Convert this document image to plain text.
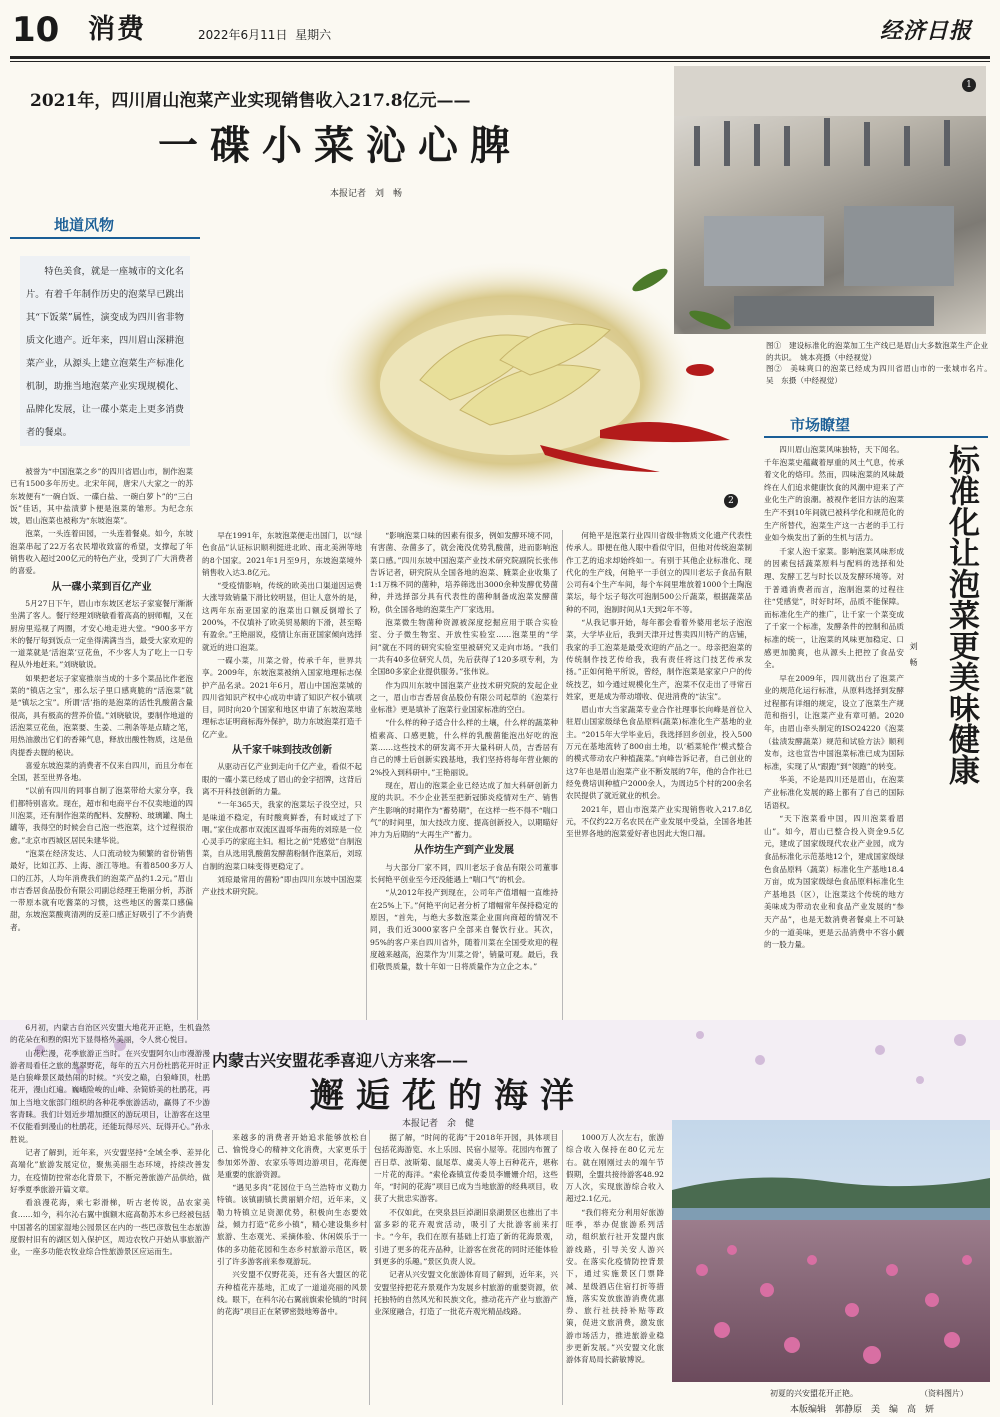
10 消费	2022年6月11日 星期六	经济日报
2021年，四川眉山泡菜产业实现销售收入217.8亿元——
一碟小菜沁心脾
本报记者　刘　畅
1
图①　建设标准化的泡菜加工生产线已是眉山大多数泡菜生产企业的共识。　姚本亮摄（中经视觉）
图②　美味爽口的泡菜已经成为四川省眉山市的一张城市名片。　吴　东摄（中经视觉）
2
地道风物
特色美食，就是一座城市的文化名片。有着千年制作历史的泡菜早已跳出其“下饭菜”属性，演变成为四川省非物质文化遗产。近年来，四川眉山深耕泡菜产业，从源头上建立泡菜生产标准化机制，助推当地泡菜产业实现规模化、品牌化发展，让一碟小菜走上更多消费者的餐桌。

被誉为“中国泡菜之乡”的四川省眉山市，制作泡菜已有1500多年历史。北宋年间，唐宋八大家之一的苏东坡便有“一碗白饭、一碟白盐、一碗白萝卜”的“三白饭”佳话，其中盐渍萝卜便是泡菜的雏形。为纪念东坡，眉山泡菜也被称为“东坡泡菜”。

泡菜，一头连着田园，一头连着餐桌。如今，东坡泡菜串起了22万名农民增收致富的希望，支撑起了年销售收入超过200亿元的特色产业，受到了广大消费者的喜爱。

从一碟小菜到百亿产业

5月27日下午，眉山市东坡区老坛子家宴餐厅渐渐坐满了客人。餐厅经理刘晓敏看着高高的厨师帽，又在厨房里巡视了两圈，才安心地走进大堂。“900多平方米的餐厅每到饭点一定坐得满满当当，最受大家欢迎的一道菜就是‘活泡菜’豆花鱼，不少客人为了吃上一口专程从外地赶来。”刘晓敏说。

如果把老坛子家宴推崇当成的十多个菜品比作老泡菜的“镇店之宝”，那么坛子里口感爽脆的“活泡菜”就是“镇坛之宝”。所谓‘活’指的是泡菜的活性乳酸菌含量很高，具有极高的营养价值。”刘晓敏说，要制作地道的活泡菜豆花鱼，泡菜要、生姜、二荆条等是点睛之笔，用热油激出它们的香辣气息，释放出酸性物质，这是鱼肉提香去腥的秘诀。

喜爱东坡泡菜的消费者不仅来自四川，而且分布在全国，甚至世界各地。

“以前有四川的同事自制了泡菜带给大家分享，我们都特别喜欢。现在，超市和电商平台不仅卖地道的四川泡菜，还有制作泡菜的配料、发酵粉、玻璃罐、陶土罐等，我得空的时候会自己泡一些泡菜，这个过程很治愈。”北京市西城区居民朱建华说。

“泡菜在经济发达、人口流动较为频繁的省份销售最好，比如江苏、上海、浙江等地。有着8500多万人口的江苏，人均年消费我们的泡菜产品约1.2元。”眉山市吉香居食品股份有限公司副总经理王艳丽分析，苏浙一带原本就有吃酱菜的习惯，这些地区的酱菜口感偏甜，东坡泡菜酸爽清冽的反差口感正好吸引了不少消费者。

早在1991年，东坡泡菜便走出国门，以“绿色食品”认证标识顺利挺进北欧、南北美洲等地的8个国家。2021年1月至9月，东坡泡菜境外销售收入达3.8亿元。

“受疫情影响，传统的欧美出口渠道因运费大涨导致销量下滑比较明显，但让人意外的是，这两年东南亚国家的泡菜出口额反倒增长了200%，不仅填补了欧美贸易额的下滑，甚至略有盈余。”王艳丽说，疫情让东南亚国家倾向选择就近的进口泡菜。

一碟小菜，川菜之骨，传承千年，世界共享。2009年，东坡泡菜被纳入国家地理标志保护产品名录。2021年6月，眉山中国泡菜城的四川省知识产权中心成功申请了知识产权小镇项目，同时向20个国家和地区申请了东坡泡菜地理标志证明商标海外保护，助力东坡泡菜打造千亿产业。

从千家千味到技改创新

从驱动百亿产业到走向千亿产业，看似不起眼的一碟小菜已经成了眉山的金字招牌，这背后离不开科技创新的力量。

“一年365天，我家的泡菜坛子没空过，只是味道不稳定，有时酸爽鲜香，有时咸过了下咽。”家住成都市双流区温哥华南苑的刘琼是一位心灵手巧的家庭主妇。相比之前“凭感觉”自制泡菜，自从选用乳酸菌发酵菌粉制作泡菜后，刘琼自制的泡菜口味变得更稳定了。

刘琼最常用的菌粉”即由四川东坡中国泡菜产业技术研究院。

“影响泡菜口味的因素有很多，例如发酵环境不同，有害菌、杂菌多了，就会淹没优势乳酸菌，进而影响泡菜口感。”四川东坡中国泡菜产业技术研究院副院长张伟告诉记者，研究院从全国各地的泡菜、腌菜企业收集了1:1万株不同的菌种，培养筛选出3000余种发酵优势菌种，并选择部分具有代表性的菌种制备成泡菜发酵菌粉，供全国各地的泡菜生产厂家选用。

泡菜微生物菌种资源被深度挖掘应用于联合实验室、分子微生物室、开放性实验室……泡菜里的“学问”就在不同的研究实验室里被研究又走向市场。“我们一共有40多位研究人员，先后获得了120多项专利，为全国80多家企业提供服务。”张伟说。

作为四川东坡中国泡菜产业技术研究院的发起企业之一，眉山市吉香居食品股份有限公司起草的《泡菜行业标准》更是填补了泡菜行业国家标准的空白。

“什么样的种子适合什么样的土壤，什么样的蔬菜种植素高、口感更脆，什么样的乳酸菌能泡出好吃的泡菜……这些技术的研发离不开大量科研人员，吉香居有自己的博士后创新实践基地，我们坚持将每年营业额的2%投入到科研中。”王艳丽说。

现在，眉山的泡菜企业已经达成了加大科研创新力度的共识。不少企业甚至把新冠肺炎疫情对生产、销售产生影响的时期作为“蓄势期”，在这样一些不得不“喘口气”的时间里，加大技改力度、提高创新投入，以期瞄好冲力为后期的“大再生产”蓄力。

从作坊生产到产业发展

与大部分厂家不同，四川老坛子食品有限公司董事长何艳平创业至今还没能遇上“喘口气”的机会。

“从2012年投产到现在，公司年产值增幅一直维持在25%上下。”何艳平向记者分析了增幅常年保持稳定的原因，“首先，与绝大多数泡菜企业面向商超的情况不同，我们近3000家客户全部来自餐饮行业。其次，95%的客户来自四川省外，随着川菜在全国受欢迎的程度越来越高，泡菜作为‘川菜之骨’，销量可观。最后，我们敬畏质量，数十年如一日将质量作为立企之本。”

何艳平是泡菜行业四川省级非物质文化遗产代表性传承人。即便在他人眼中看似守旧，但他对传统泡菜制作工艺的追求却始终如一。有别于其他企业标准化、现代化的生产线，何艳平一手创立的四川老坛子食品有限公司有4个生产车间，每个车间里堆放着1000个土陶泡菜坛，每个坛子每次可泡制500公斤蔬菜，根据蔬菜品种的不同，泡制时间从1天到2年不等。

“从我记事开始，每年都会看着外婆用老坛子泡泡菜，大学毕业后，我到天津开过售卖四川特产的店铺，我家的手工泡菜是最受欢迎的产品之一。母亲把泡菜的传统制作技艺传给我，我有责任将这门技艺传承发扬。”正如何艳平所说，曾经，制作泡菜是家家户户的传统技艺，如今通过规模化生产，泡菜不仅走出了寻常百姓家，更是成为带动增收、促进消费的“法宝”。

眉山市大当家蔬菜专业合作社理事长向峰是首位入驻眉山国家级绿色食品原料(蔬菜)标准化生产基地的业主。“2015年大学毕业后，我选择回乡创业，投入500万元在基地流转了800亩土地，以‘稻菜轮作’模式整合的模式带动农户种植蔬菜。”向峰告诉记者，自己创业的这7年也是眉山泡菜产业不断发展的7年，他的合作社已经免费培训种植户2000余人，为周边5个村的200余名农民提供了就近就业的机会。

2021年，眉山市泡菜产业实现销售收入217.8亿元，不仅约22万名农民在产业发展中受益，全国各地甚至世界各地的泡菜爱好者也因此大饱口福。

市场瞭望
标准化让泡菜更美味健康
刘　畅

四川眉山泡菜风味独特，天下闻名。千年泡菜史蕴藏着厚重的风土气息，传承着文化的烙印。然而，四味泡菜的风味最终在人们追求健康饮食的风潮中迎来了产业化生产的浪潮。被视作老旧方法的泡菜生产不到10年间就已被科学化和规范化的生产所替代，泡菜生产这一古老的手工行业如今焕发出了新的生机与活力。

千家人泡千家菜。影响泡菜风味形成的因素包括蔬菜原料与配料的选择和处理、发酵工艺与时长以及发酵环境等。对于普通消费者而言，泡制泡菜的过程往往“凭感觉”，时好时坏，品质不能保障。而标准化生产的推广，让千家一个菜变成了千家一个标准，发酵条件的控制和品质标准的统一，让泡菜的风味更加稳定、口感更加脆爽，也从源头上把控了食品安全。

早在2009年，四川就出台了泡菜产业的规范化运行标准，从原料选择到发酵过程都有详细的规定，设立了泡菜生产规范和指引，让泡菜产业有章可循。2020年，由眉山牵头制定的ISO24220《泡菜（盐渍发酵蔬菜）规范和试验方法》顺利发布，这也宣告中国泡菜标准已成为国际标准，实现了从“跟跑”到“领跑”的转变。

华美，不论是四川还是眉山，在泡菜产业标准化发展的路上都有了自己的国际话语权。

“天下泡菜看中国，四川泡菜看眉山”。如今，眉山已整合投入资金9.5亿元，建成了国家级现代农业产业园，成为食品标准化示范基地12个，建成国家级绿色食品原料（蔬菜）标准化生产基地18.4万亩，成为国家级绿色食品原料标准化生产基地县（区），让泡菜这个传统的地方美味成为带动农业和食品产业发展的“参天产品”，也是无数消费者餐桌上不可缺少的一道美味，更是云品消费中不容小觑的一股力量。

内蒙古兴安盟花季喜迎八方来客——
邂逅花的海洋
本报记者　余　健

6月初，内蒙古自治区兴安盟大地花开正艳，生机盎然的花朵在和煦的阳光下显得格外美丽，令人赏心悦目。

山花烂漫，花季旅游正当时。在兴安盟阿尔山市漫游漫游者局看任之旅的葱翠野花，每年的五六月份杜鹃花开时正是白狼峰景区最热闹的时候。“兴安之巅，白狼峰顶，杜鹃花开，漫山红遍。巍峨险峻的山峰、杂简娇美的杜鹃花，再加上当地文旅部门组织的各种花季旅游活动，赢得了不少游客青睐。我们计划近步增加摄区的游玩项目，让游客在这里不仅能看到漫山的杜鹃花，还能玩得尽兴、玩得开心。”孙永胜说。

记者了解到，近年来，兴安盟坚持“全域全季、差异化高端化”旅游发展定位，聚焦美丽生态环境，持续改善发力，在疫情防控常态化背景下，不断完善旅游产品供给，做好季夏季旅游开篇文章。

看浪漫花海，乘七彩滑梯，听古老传说，品农家美食……如今，科尔沁右翼中旗额木庭高勒苏木乡已经被包括中国著名的国家湿地公园景区在内的一些巴彦敖包生态旅游度假村旧有的湖区划入保护区，周边农牧户开始从事旅游产业，一座多功能农牧业综合性旅游景区应运而生。

来越多的消费者开始追求能够放松自己、愉悦身心的精神文化消费，大家更乐于参加郊外游、农家乐等周边游项目，花海便是重要的旅游资源。

“遇见多肉”花园位于乌兰浩特市义勒力特镇。该镇副镇长黄丽娟介绍，近年来，义勒力特镇立足资源优势，积极向生态要效益，倾力打造“花乡小镇”，精心建设集乡村旅游、生态观光、采摘体验、休闲娱乐于一体的多功能花园和生态乡村旅游示范区，吸引了许多游客前来参观游玩。

兴安盟不仅野花美，还有各大盟区的花卉种植花卉基地，汇成了一道道亮丽的风景线。眼下，在科尔沁右翼前旗索伦镇的“时间的花海”项目正在紧锣密鼓地筹备中。

据了解，“时间的花海”于2018年开园，具体项目包括花海游览、水上乐园、民宿小屋等。花园内布置了百日草、波斯菊、鼠尾草、虞美人等上百种花卉，堪称一片花的海洋。“索伦森镇宣传委员李姗姗介绍，这些年，“时间的花海”项目已成为当地旅游的经典项目，收获了大批忠实游客。

不仅如此，在突泉县巨淖湖旧泉湖景区也推出了丰富多彩的花卉观赏活动，吸引了大批游客前来打卡。“今年，我们在原有基础上打造了新的花海景观，引进了更多的花卉品种，让游客在赏花的同时还能体验到更多的乐趣。”景区负责人说。

记者从兴安盟文化旅游体育局了解到，近年来，兴安盟坚持把花卉景观作为发展乡村旅游的重要资源，依托独特的自然风光和民族文化，推动花卉产业与旅游产业深度融合，打造了一批花卉观光精品线路。

1000万人次左右，旅游综合收入保持在80亿元左右。就在刚刚过去的端午节假期，全盟共接待游客48.92万人次，实现旅游综合收入超过2.1亿元。

“我们将充分利用好旅游旺季，举办促旅游系列活动，组织旅行社开发盟内旅游线路，引导关安人游兴安。在落实化疫情防控背景下，通过实施景区门票降减、星级酒店住宿打折等措施，落实发放旅游消费优惠券、旅行社扶持补贴等政策，促进文旅消费，激发旅游市场活力，推进旅游业稳步更新发展。”兴安盟文化旅游体育局局长薪敏博说。

初夏的兴安盟花开正艳。	（资料图片）
本版编辑　郭静原　美　编　高　妍
